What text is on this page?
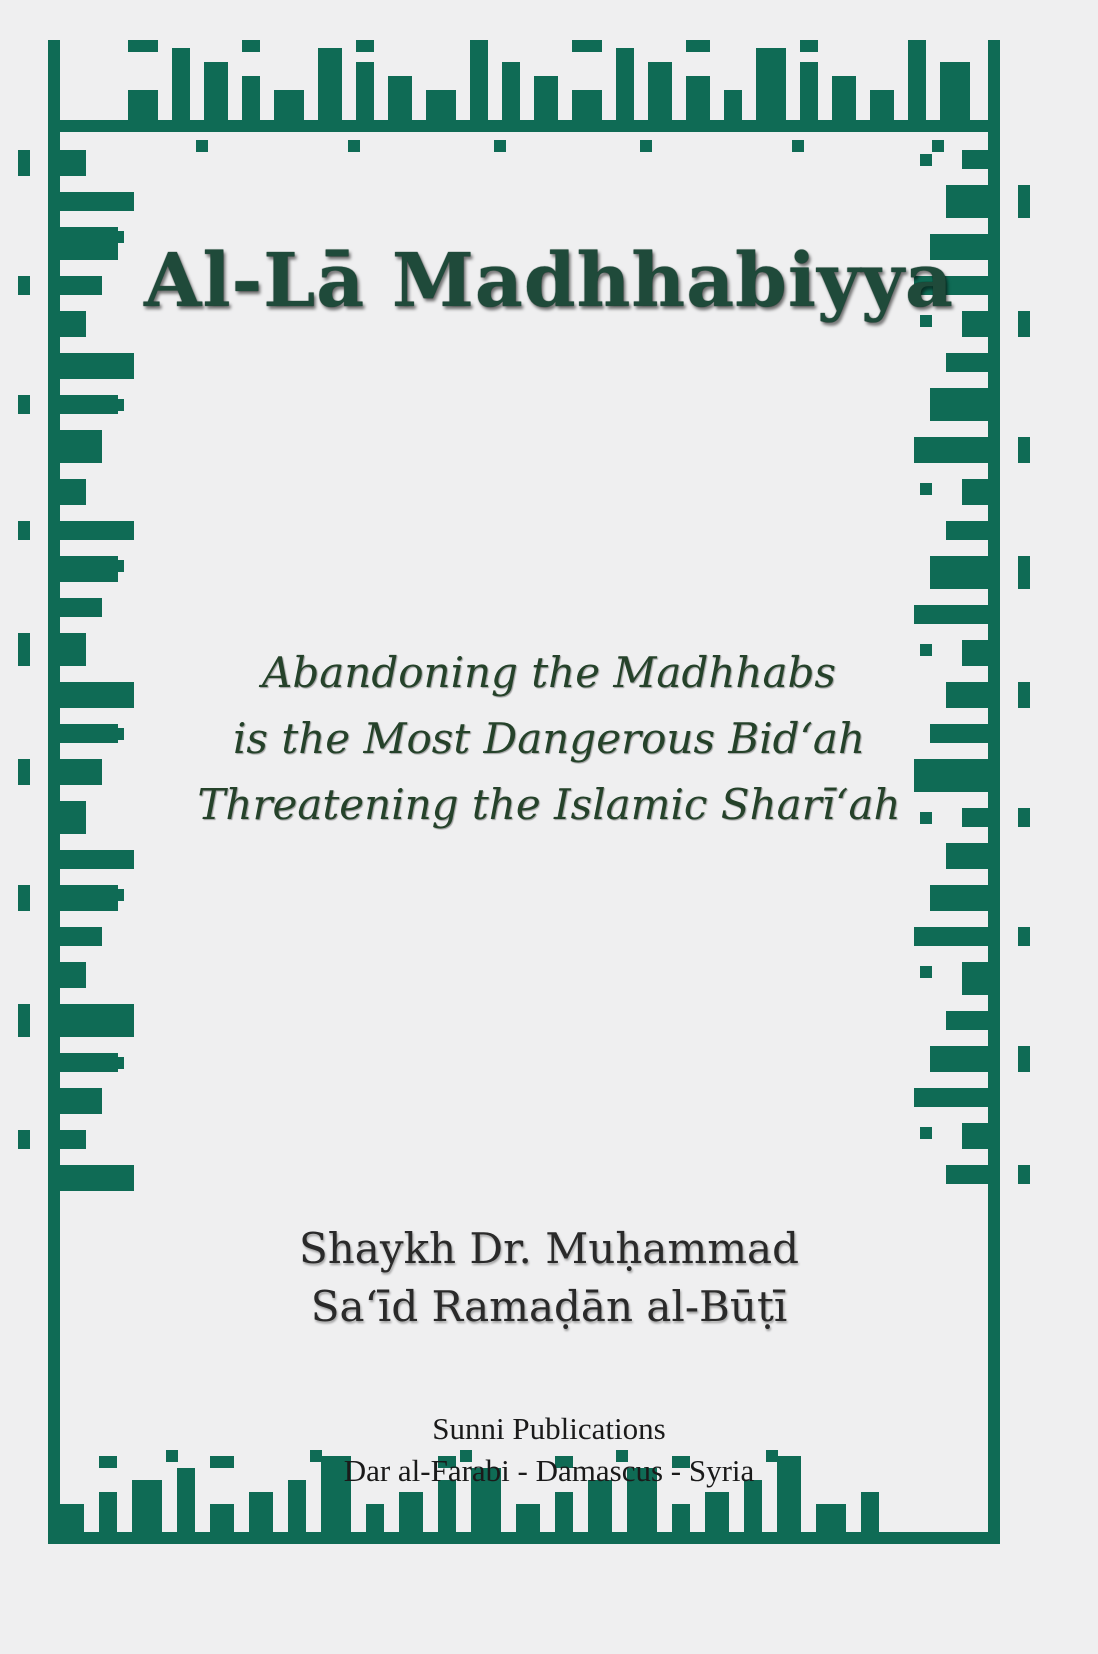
Al-Lā Madhhabiyya
Abandoning the Madhhabs
is the Most Dangerous Bid‘ah
Threatening the Islamic Sharī‘ah
Shaykh Dr. Muḥammad
Sa‘īd Ramaḍān al-Būṭī
Sunni Publications
Dar al-Farabi - Damascus - Syria
